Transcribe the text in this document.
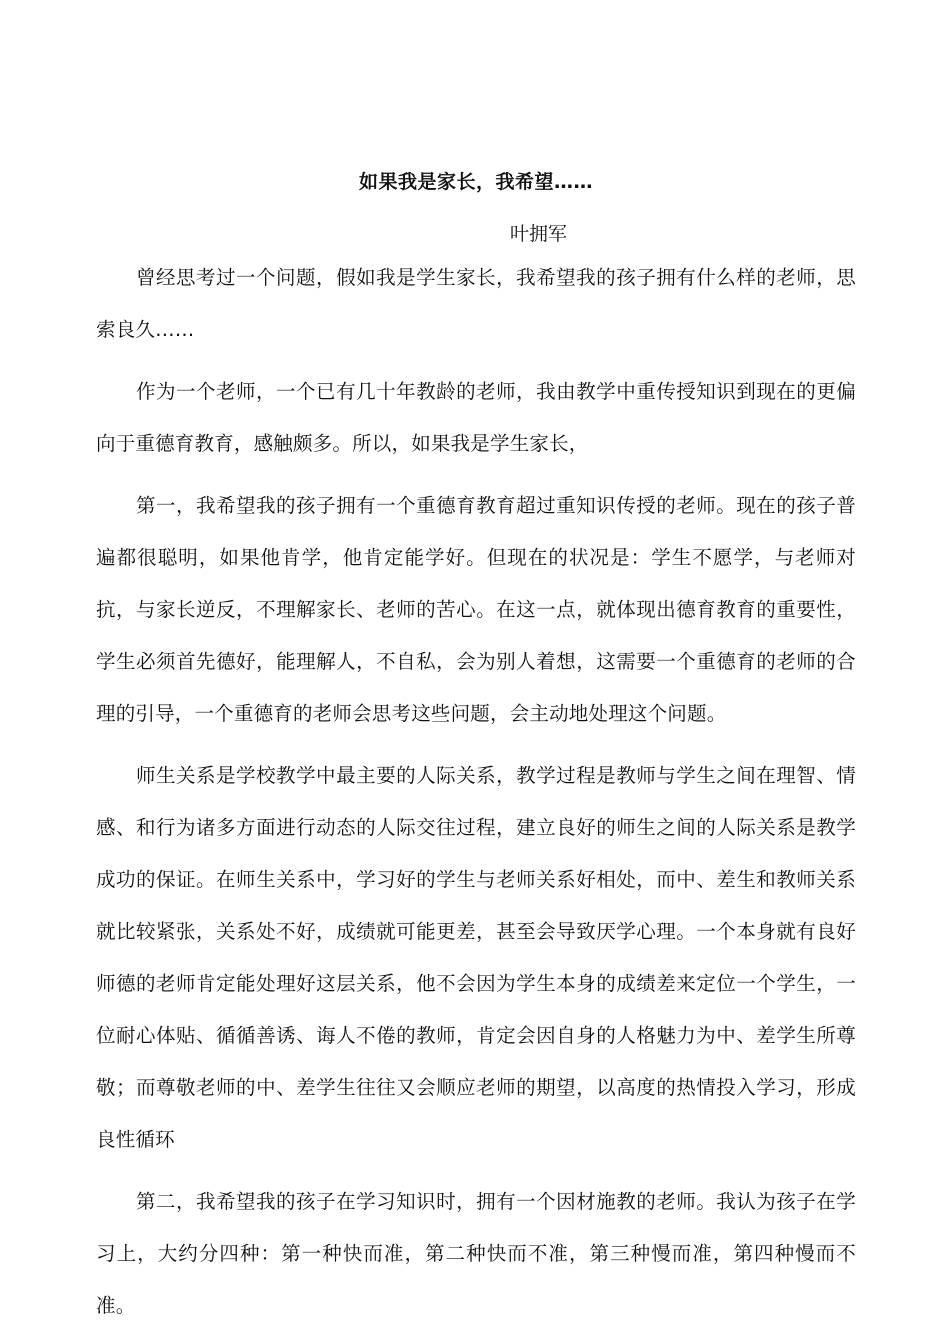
如果我是家长，我希望……
叶拥军

曾经思考过一个问题，假如我是学生家长，我希望我的孩子拥有什么样的老师，思索良久……

作为一个老师，一个已有几十年教龄的老师，我由教学中重传授知识到现在的更偏向于重德育教育，感触颇多。所以，如果我是学生家长，

第一，我希望我的孩子拥有一个重德育教育超过重知识传授的老师。现在的孩子普遍都很聪明，如果他肯学，他肯定能学好。但现在的状况是：学生不愿学，与老师对抗，与家长逆反，不理解家长、老师的苦心。在这一点，就体现出德育教育的重要性，学生必须首先德好，能理解人，不自私，会为别人着想，这需要一个重德育的老师的合理的引导，一个重德育的老师会思考这些问题，会主动地处理这个问题。

师生关系是学校教学中最主要的人际关系，教学过程是教师与学生之间在理智、情感、和行为诸多方面进行动态的人际交往过程，建立良好的师生之间的人际关系是教学成功的保证。在师生关系中，学习好的学生与老师关系好相处，而中、差生和教师关系就比较紧张，关系处不好，成绩就可能更差，甚至会导致厌学心理。一个本身就有良好师德的老师肯定能处理好这层关系，他不会因为学生本身的成绩差来定位一个学生，一位耐心体贴、循循善诱、诲人不倦的教师，肯定会因自身的人格魅力为中、差学生所尊敬；而尊敬老师的中、差学生往往又会顺应老师的期望，以高度的热情投入学习，形成良性循环

第二，我希望我的孩子在学习知识时，拥有一个因材施教的老师。我认为孩子在学习上，大约分四种：第一种快而准，第二种快而不准，第三种慢而准，第四种慢而不准。
